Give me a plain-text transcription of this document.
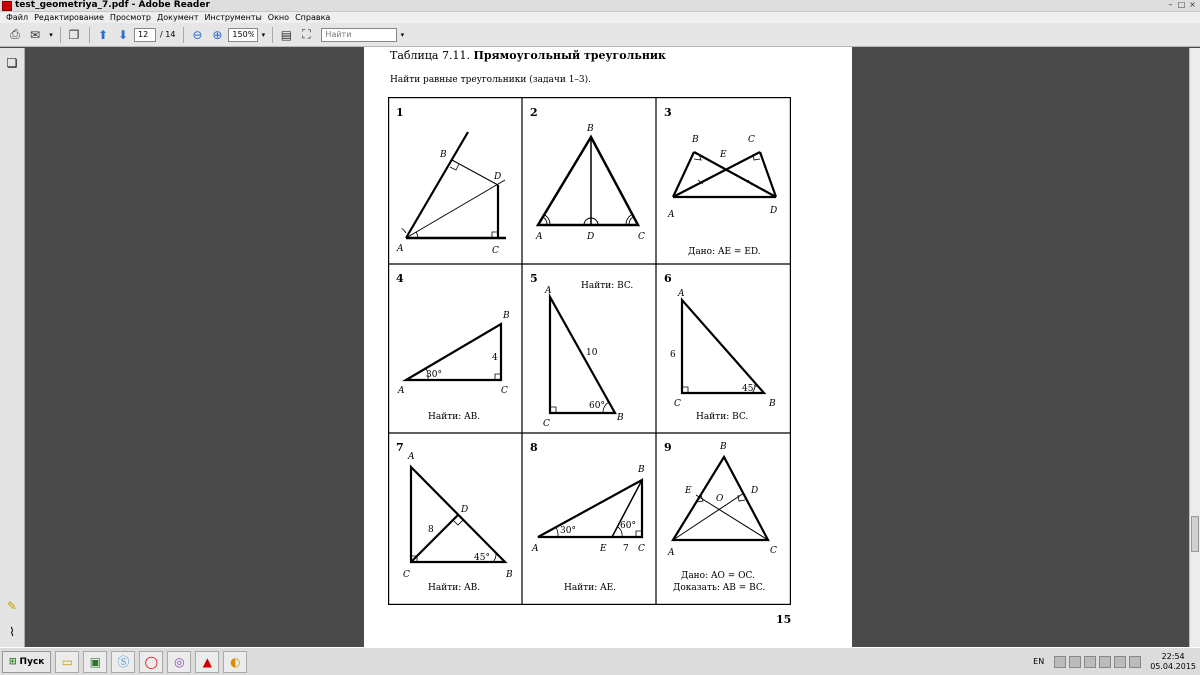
test_geometriya_7.pdf - Adobe Reader	– □ ×
Файл Редактирование Просмотр Документ Инструменты Окно Справка
⎙ ✉	▾ ❐ ⬆ ⬇
12	/ 14 ⊖ ⊕
150%	▾ ▤ ⛶
Найти	▾
❏
✎
⌇
Таблица 7.11. Прямоугольный треугольник
Найти равные треугольники (задачи 1–3).
1
B
D
A	C
2
B
A	D	C
3
B	C
E
A	D
Дано: AE = ED.
4
B
4
30°
A	C
Найти: AB.
5
Найти: BC.
A
10
60°
C
B
6
A
6
45°
C	B
Найти: BC.
7
A
D
8
45°
C	B
Найти: AB.
8
B
30°	60°
A	E 7 C
Найти: AE.
9	B
E
O
D
A	C
Дано: AO = OC.
Доказать: AB = BC.
15
⊞ Пуск ▭ ▣ Ⓢ ◯ ◎ ▲ ◐	EN
22:54
05.04.2015
